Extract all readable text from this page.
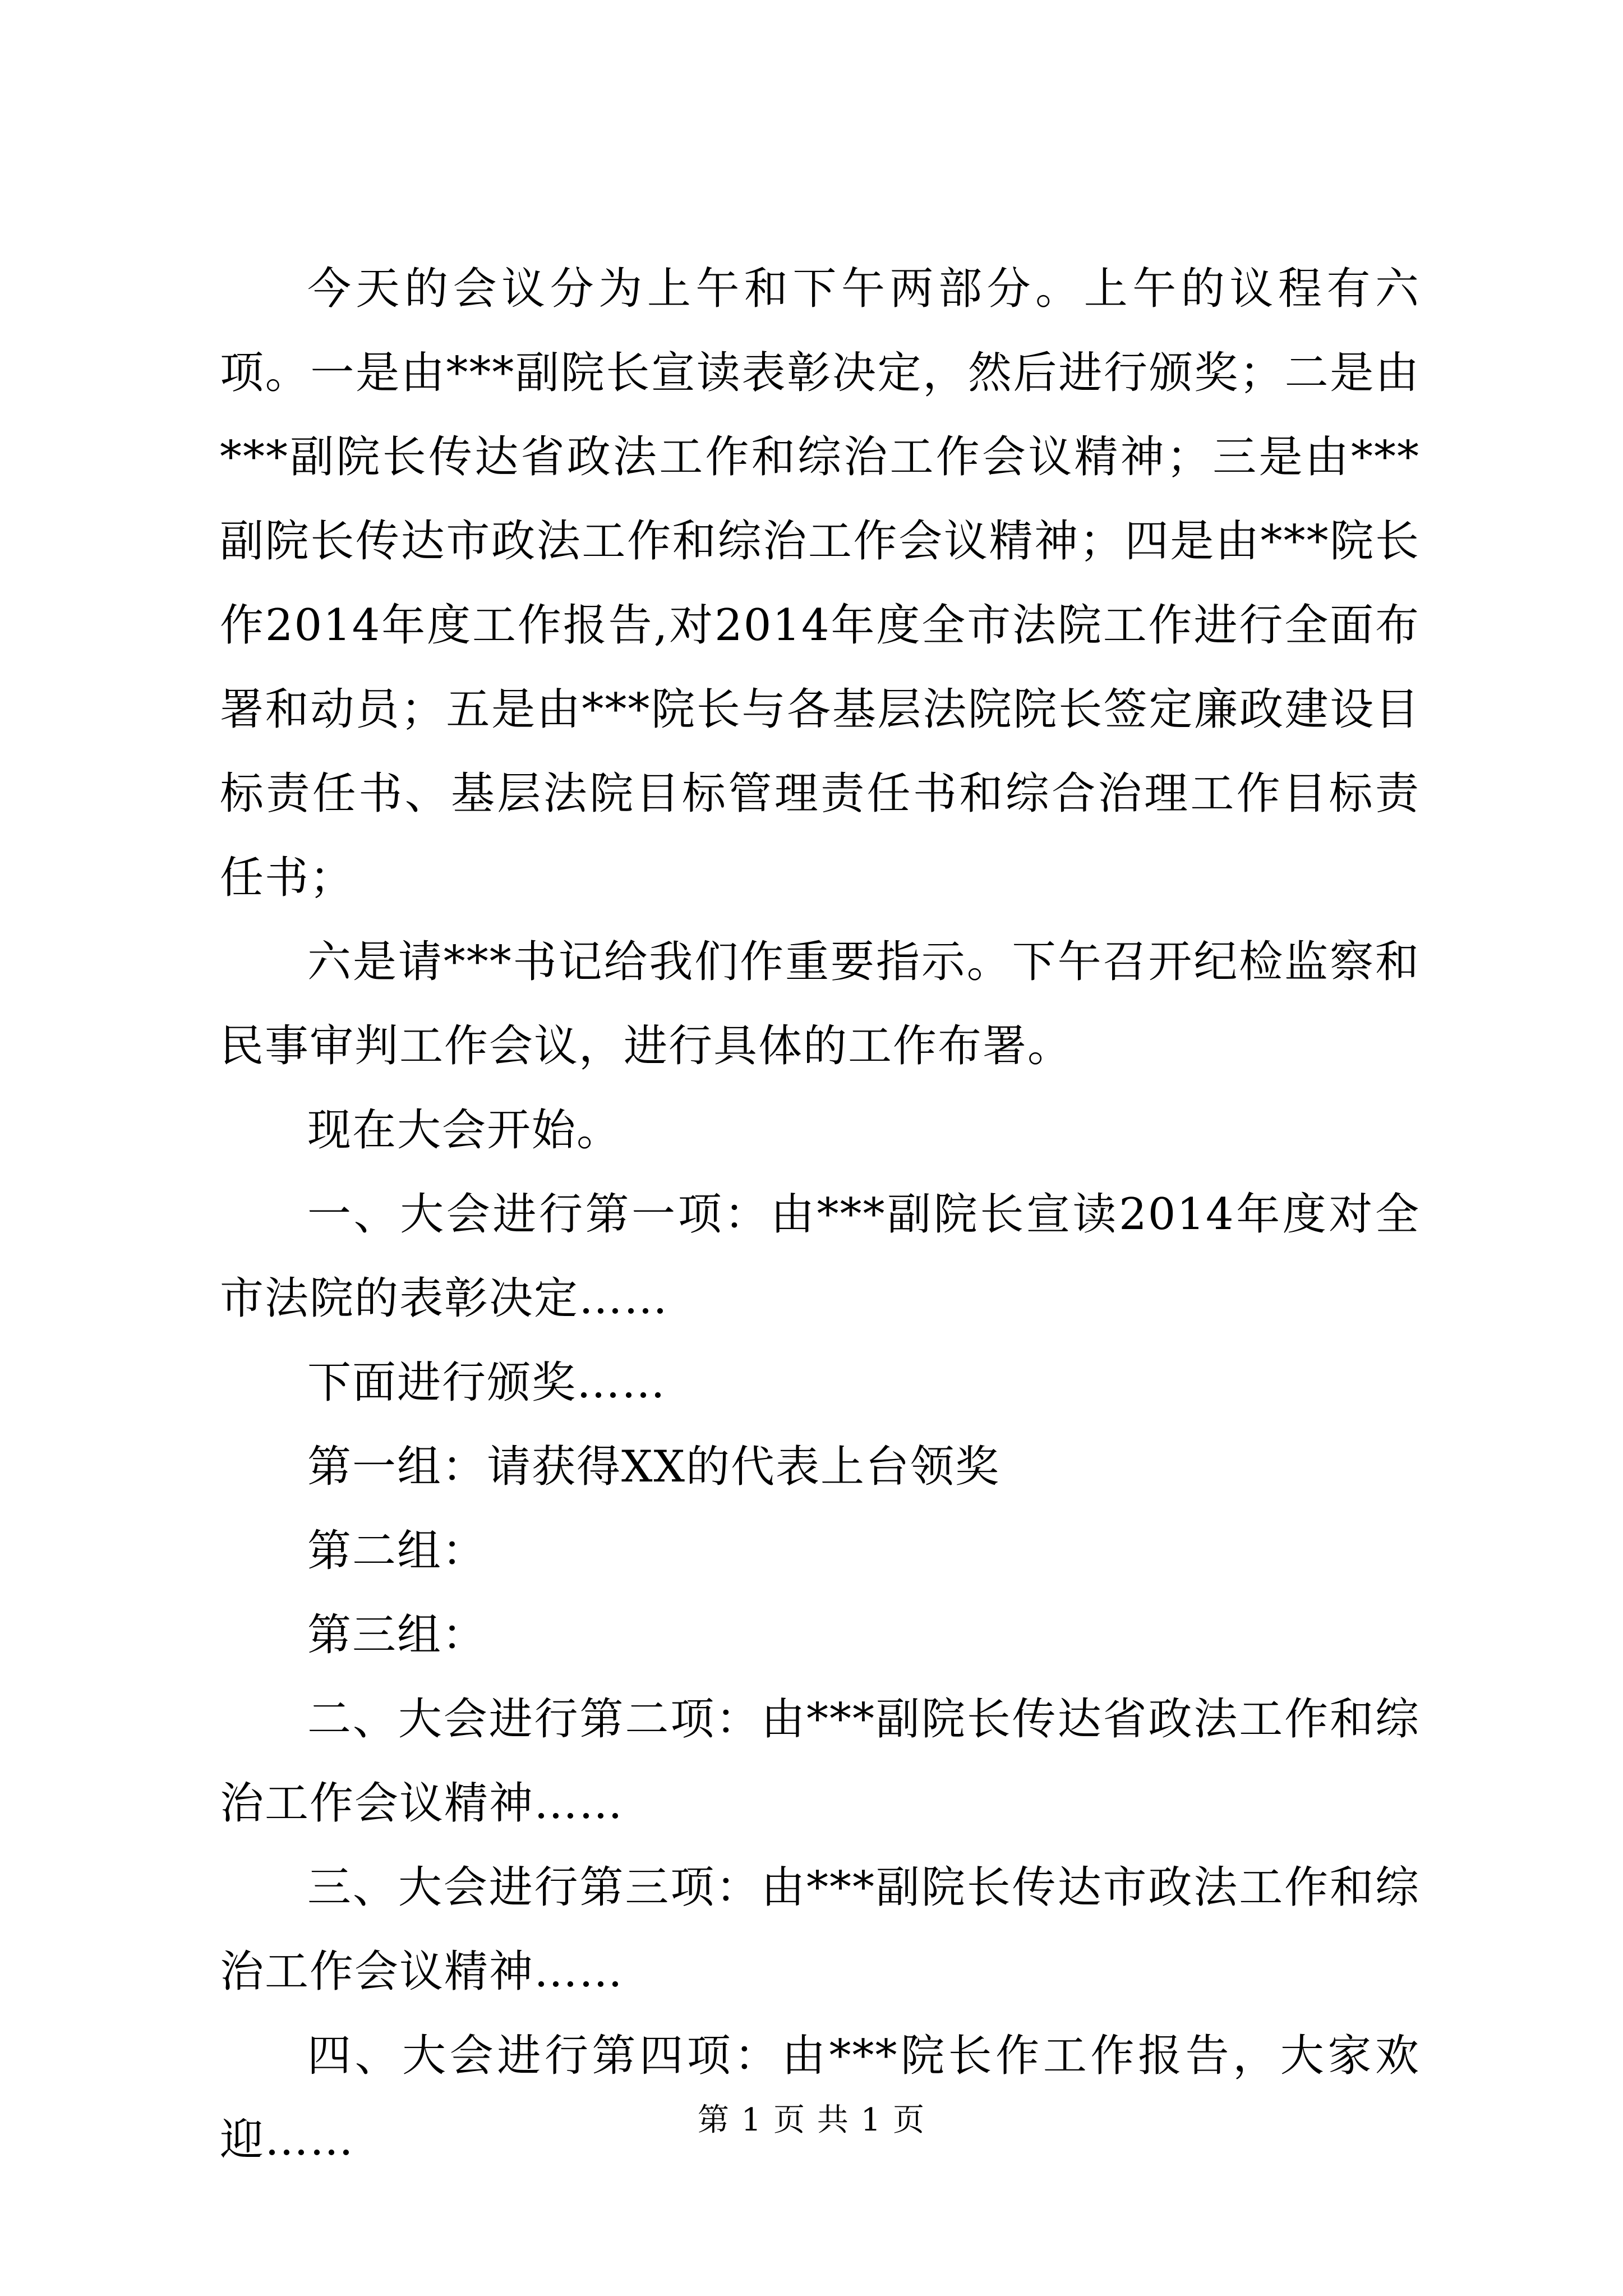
今天的会议分为上午和下午两部分。上午的议程有六项。一是由***副院长宣读表彰决定，然后进行颁奖；二是由***副院长传达省政法工作和综治工作会议精神；三是由***副院长传达市政法工作和综治工作会议精神；四是由***院长作2014年度工作报告,对2014年度全市法院工作进行全面布署和动员；五是由***院长与各基层法院院长签定廉政建设目标责任书、基层法院目标管理责任书和综合治理工作目标责任书；

六是请***书记给我们作重要指示。下午召开纪检监察和民事审判工作会议，进行具体的工作布署。

现在大会开始。

一、大会进行第一项：由***副院长宣读2014年度对全市法院的表彰决定……

下面进行颁奖……

第一组：请获得XX的代表上台领奖

第二组：

第三组：

二、大会进行第二项：由***副院长传达省政法工作和综治工作会议精神……

三、大会进行第三项：由***副院长传达市政法工作和综治工作会议精神……

四、大会进行第四项：由***院长作工作报告，大家欢迎……	第 1 页 共 1 页
